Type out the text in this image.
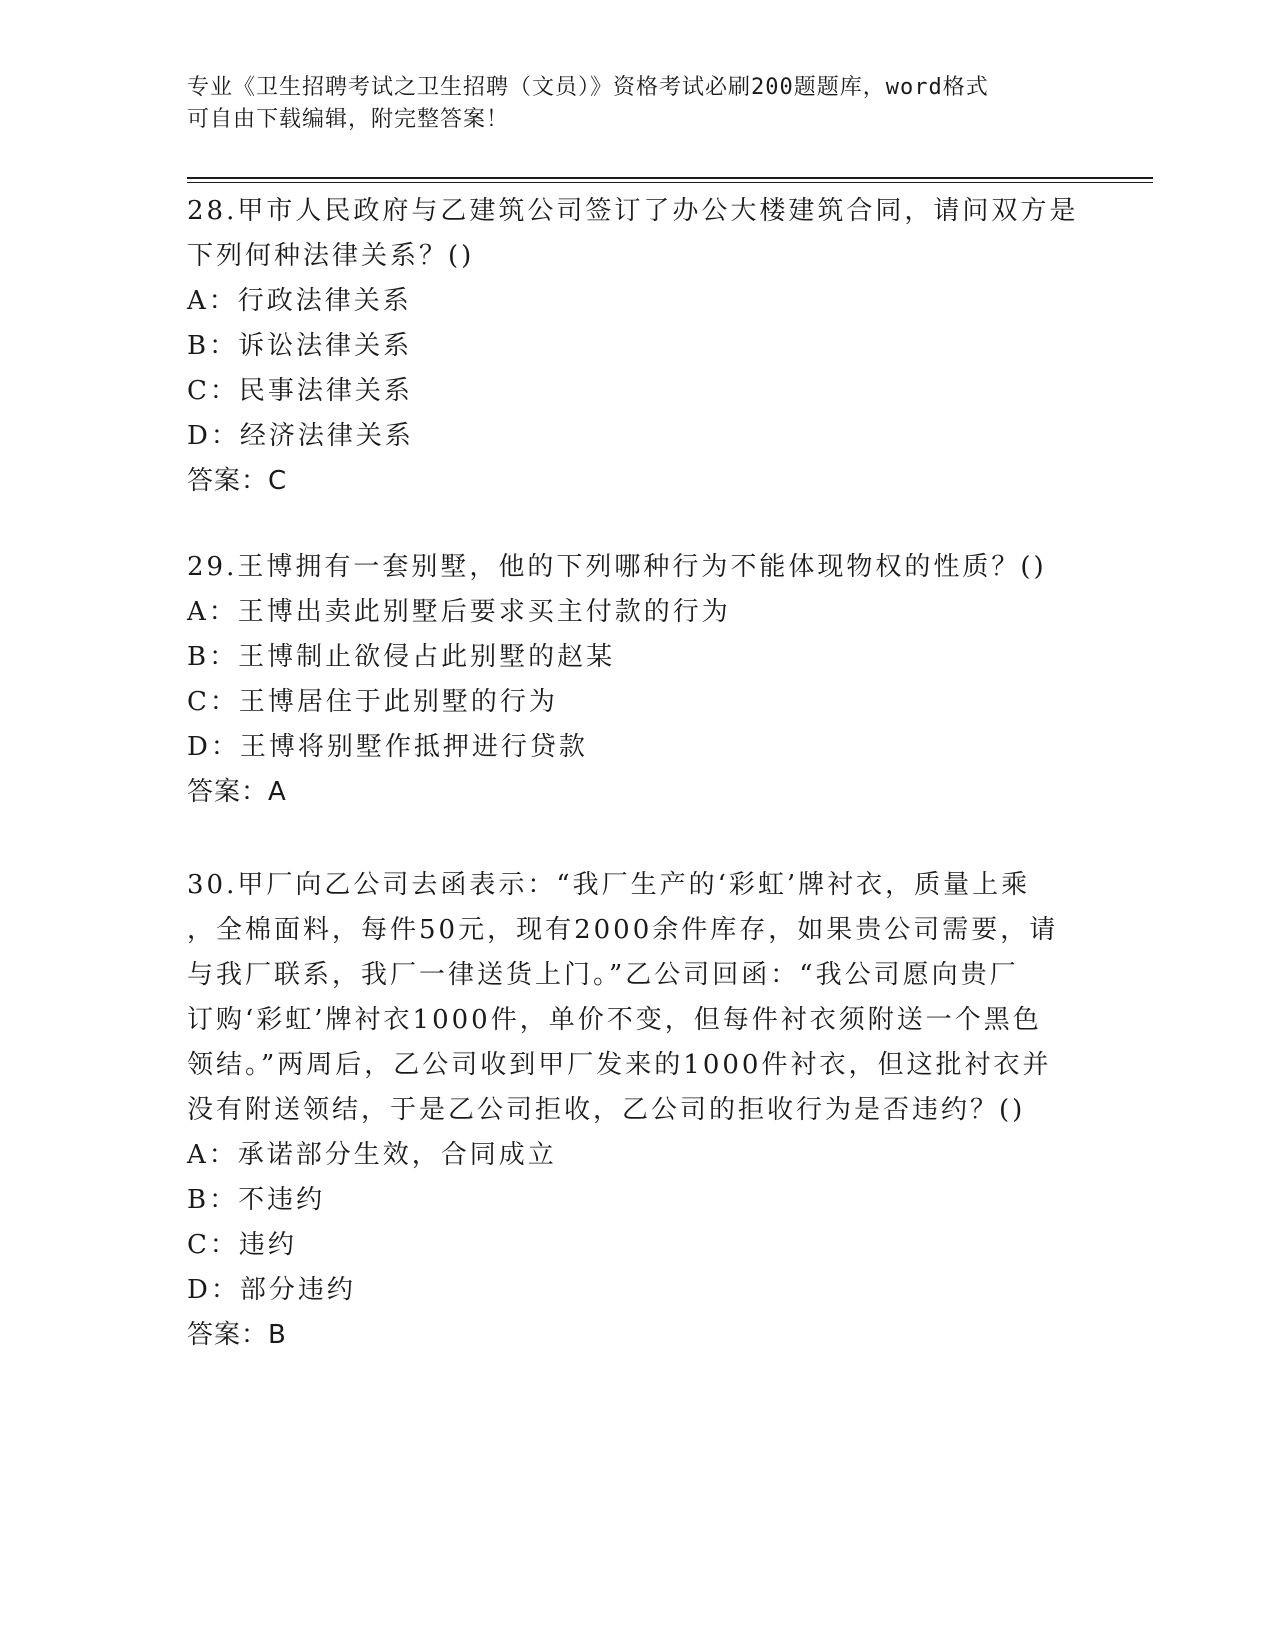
专业《卫生招聘考试之卫生招聘（文员）》资格考试必刷200题题库，word格式
可自由下载编辑，附完整答案！
28.甲市人民政府与乙建筑公司签订了办公大楼建筑合同，请问双方是
下列何种法律关系？()
A：行政法律关系
B：诉讼法律关系
C：民事法律关系
D：经济法律关系
答案：C
29.王博拥有一套别墅，他的下列哪种行为不能体现物权的性质？()
A：王博出卖此别墅后要求买主付款的行为
B：王博制止欲侵占此别墅的赵某
C：王博居住于此别墅的行为
D：王博将别墅作抵押进行贷款
答案：A
30.甲厂向乙公司去函表示：“我厂生产的‘彩虹’牌衬衣，质量上乘
，全棉面料，每件50元，现有2000余件库存，如果贵公司需要，请
与我厂联系，我厂一律送货上门。”乙公司回函：“我公司愿向贵厂
订购‘彩虹’牌衬衣1000件，单价不变，但每件衬衣须附送一个黑色
领结。”两周后，乙公司收到甲厂发来的1000件衬衣，但这批衬衣并
没有附送领结，于是乙公司拒收，乙公司的拒收行为是否违约？()
A：承诺部分生效，合同成立
B：不违约
C：违约
D：部分违约
答案：B
